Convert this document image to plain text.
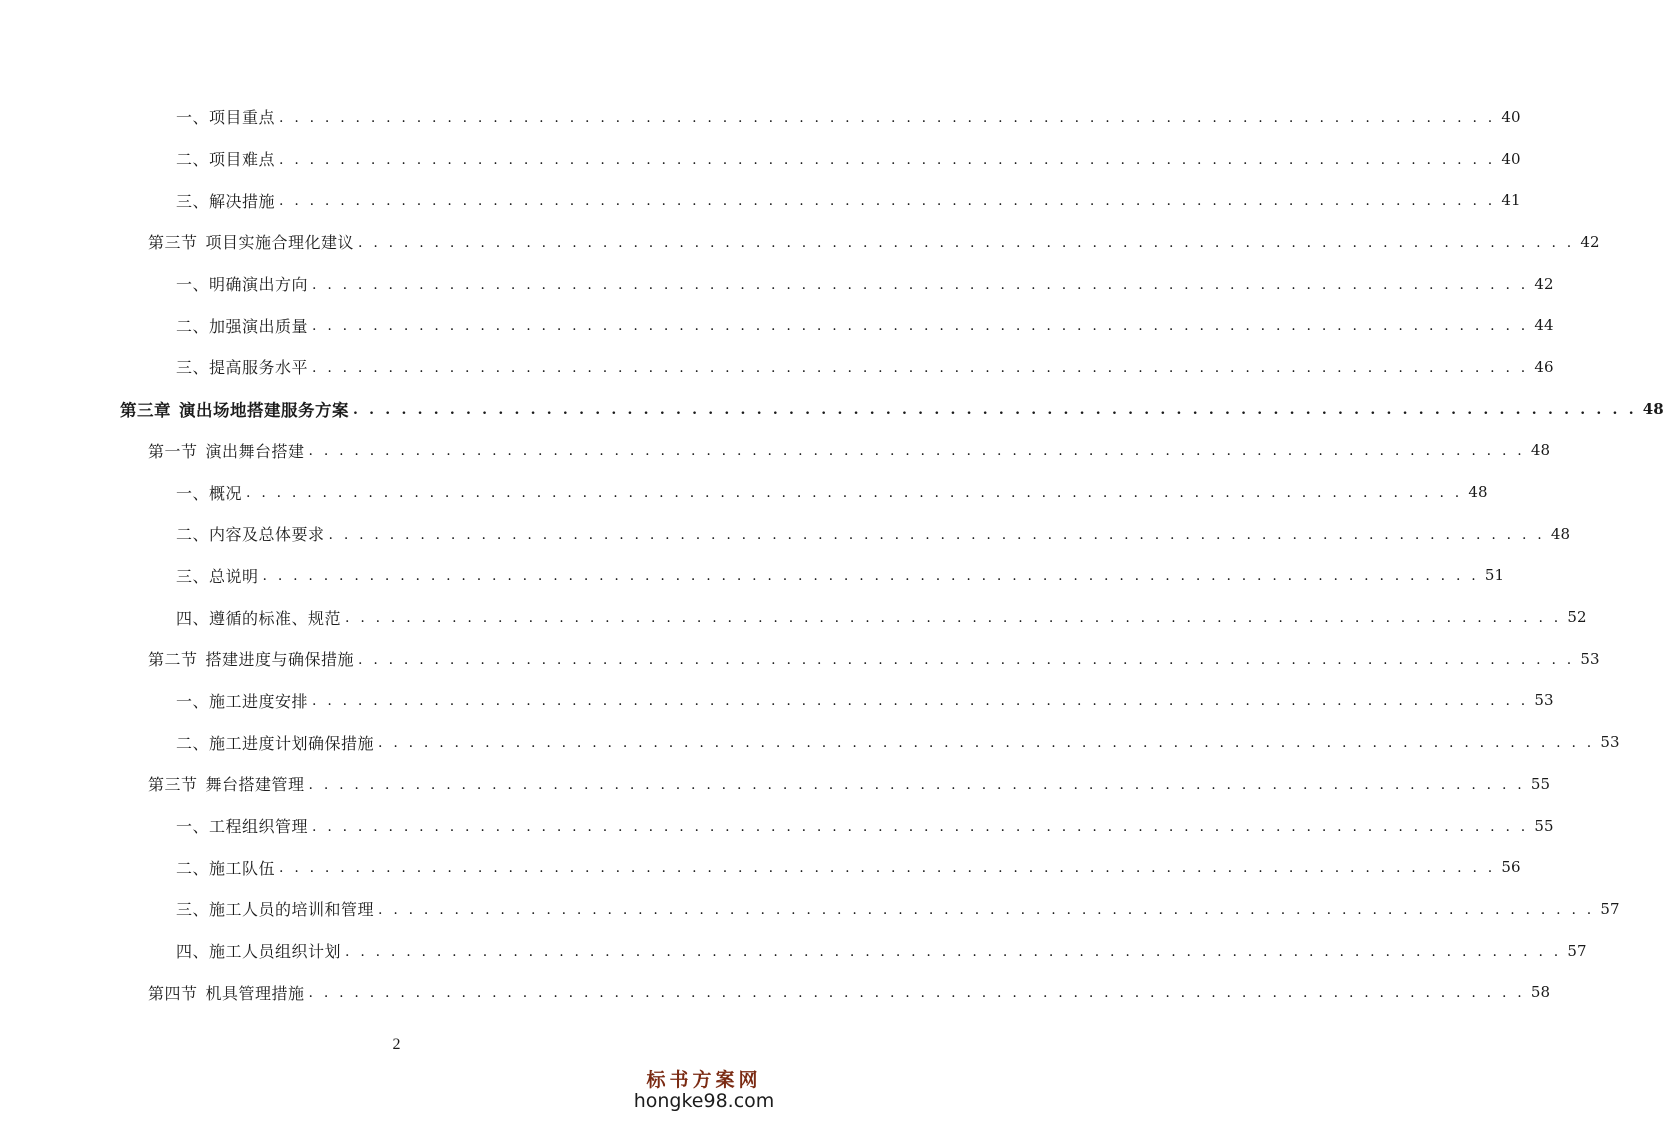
一、项目重点 . . . . . . . . . . . . . . . . . . . . . . . . . . . . . . . . . . . . . . . . . . . . . . . . . . . . . . . . . . . . . . . . . . . . . . . . . . . . . . . . 40
二、项目难点 . . . . . . . . . . . . . . . . . . . . . . . . . . . . . . . . . . . . . . . . . . . . . . . . . . . . . . . . . . . . . . . . . . . . . . . . . . . . . . . . 40
三、解决措施 . . . . . . . . . . . . . . . . . . . . . . . . . . . . . . . . . . . . . . . . . . . . . . . . . . . . . . . . . . . . . . . . . . . . . . . . . . . . . . . . 41
第三节 项目实施合理化建议 . . . . . . . . . . . . . . . . . . . . . . . . . . . . . . . . . . . . . . . . . . . . . . . . . . . . . . . . . . . . . . . . . . . . . . . . . . . . . . . . 42
一、明确演出方向 . . . . . . . . . . . . . . . . . . . . . . . . . . . . . . . . . . . . . . . . . . . . . . . . . . . . . . . . . . . . . . . . . . . . . . . . . . . . . . . . 42
二、加强演出质量 . . . . . . . . . . . . . . . . . . . . . . . . . . . . . . . . . . . . . . . . . . . . . . . . . . . . . . . . . . . . . . . . . . . . . . . . . . . . . . . . 44
三、提高服务水平 . . . . . . . . . . . . . . . . . . . . . . . . . . . . . . . . . . . . . . . . . . . . . . . . . . . . . . . . . . . . . . . . . . . . . . . . . . . . . . . . 46
第三章 演出场地搭建服务方案 . . . . . . . . . . . . . . . . . . . . . . . . . . . . . . . . . . . . . . . . . . . . . . . . . . . . . . . . . . . . . . . . . . . . . . . . . . . . . . . . 48
第一节 演出舞台搭建 . . . . . . . . . . . . . . . . . . . . . . . . . . . . . . . . . . . . . . . . . . . . . . . . . . . . . . . . . . . . . . . . . . . . . . . . . . . . . . . . 48
一、概况 . . . . . . . . . . . . . . . . . . . . . . . . . . . . . . . . . . . . . . . . . . . . . . . . . . . . . . . . . . . . . . . . . . . . . . . . . . . . . . . . 48
二、内容及总体要求 . . . . . . . . . . . . . . . . . . . . . . . . . . . . . . . . . . . . . . . . . . . . . . . . . . . . . . . . . . . . . . . . . . . . . . . . . . . . . . . . 48
三、总说明 . . . . . . . . . . . . . . . . . . . . . . . . . . . . . . . . . . . . . . . . . . . . . . . . . . . . . . . . . . . . . . . . . . . . . . . . . . . . . . . . 51
四、遵循的标准、规范 . . . . . . . . . . . . . . . . . . . . . . . . . . . . . . . . . . . . . . . . . . . . . . . . . . . . . . . . . . . . . . . . . . . . . . . . . . . . . . . . 52
第二节 搭建进度与确保措施 . . . . . . . . . . . . . . . . . . . . . . . . . . . . . . . . . . . . . . . . . . . . . . . . . . . . . . . . . . . . . . . . . . . . . . . . . . . . . . . . 53
一、施工进度安排 . . . . . . . . . . . . . . . . . . . . . . . . . . . . . . . . . . . . . . . . . . . . . . . . . . . . . . . . . . . . . . . . . . . . . . . . . . . . . . . . 53
二、施工进度计划确保措施 . . . . . . . . . . . . . . . . . . . . . . . . . . . . . . . . . . . . . . . . . . . . . . . . . . . . . . . . . . . . . . . . . . . . . . . . . . . . . . . . 53
第三节 舞台搭建管理 . . . . . . . . . . . . . . . . . . . . . . . . . . . . . . . . . . . . . . . . . . . . . . . . . . . . . . . . . . . . . . . . . . . . . . . . . . . . . . . . 55
一、工程组织管理 . . . . . . . . . . . . . . . . . . . . . . . . . . . . . . . . . . . . . . . . . . . . . . . . . . . . . . . . . . . . . . . . . . . . . . . . . . . . . . . . 55
二、施工队伍 . . . . . . . . . . . . . . . . . . . . . . . . . . . . . . . . . . . . . . . . . . . . . . . . . . . . . . . . . . . . . . . . . . . . . . . . . . . . . . . . 56
三、施工人员的培训和管理 . . . . . . . . . . . . . . . . . . . . . . . . . . . . . . . . . . . . . . . . . . . . . . . . . . . . . . . . . . . . . . . . . . . . . . . . . . . . . . . . 57
四、施工人员组织计划 . . . . . . . . . . . . . . . . . . . . . . . . . . . . . . . . . . . . . . . . . . . . . . . . . . . . . . . . . . . . . . . . . . . . . . . . . . . . . . . . 57
第四节 机具管理措施 . . . . . . . . . . . . . . . . . . . . . . . . . . . . . . . . . . . . . . . . . . . . . . . . . . . . . . . . . . . . . . . . . . . . . . . . . . . . . . . . 58
2
标书方案网
hongke98.com
